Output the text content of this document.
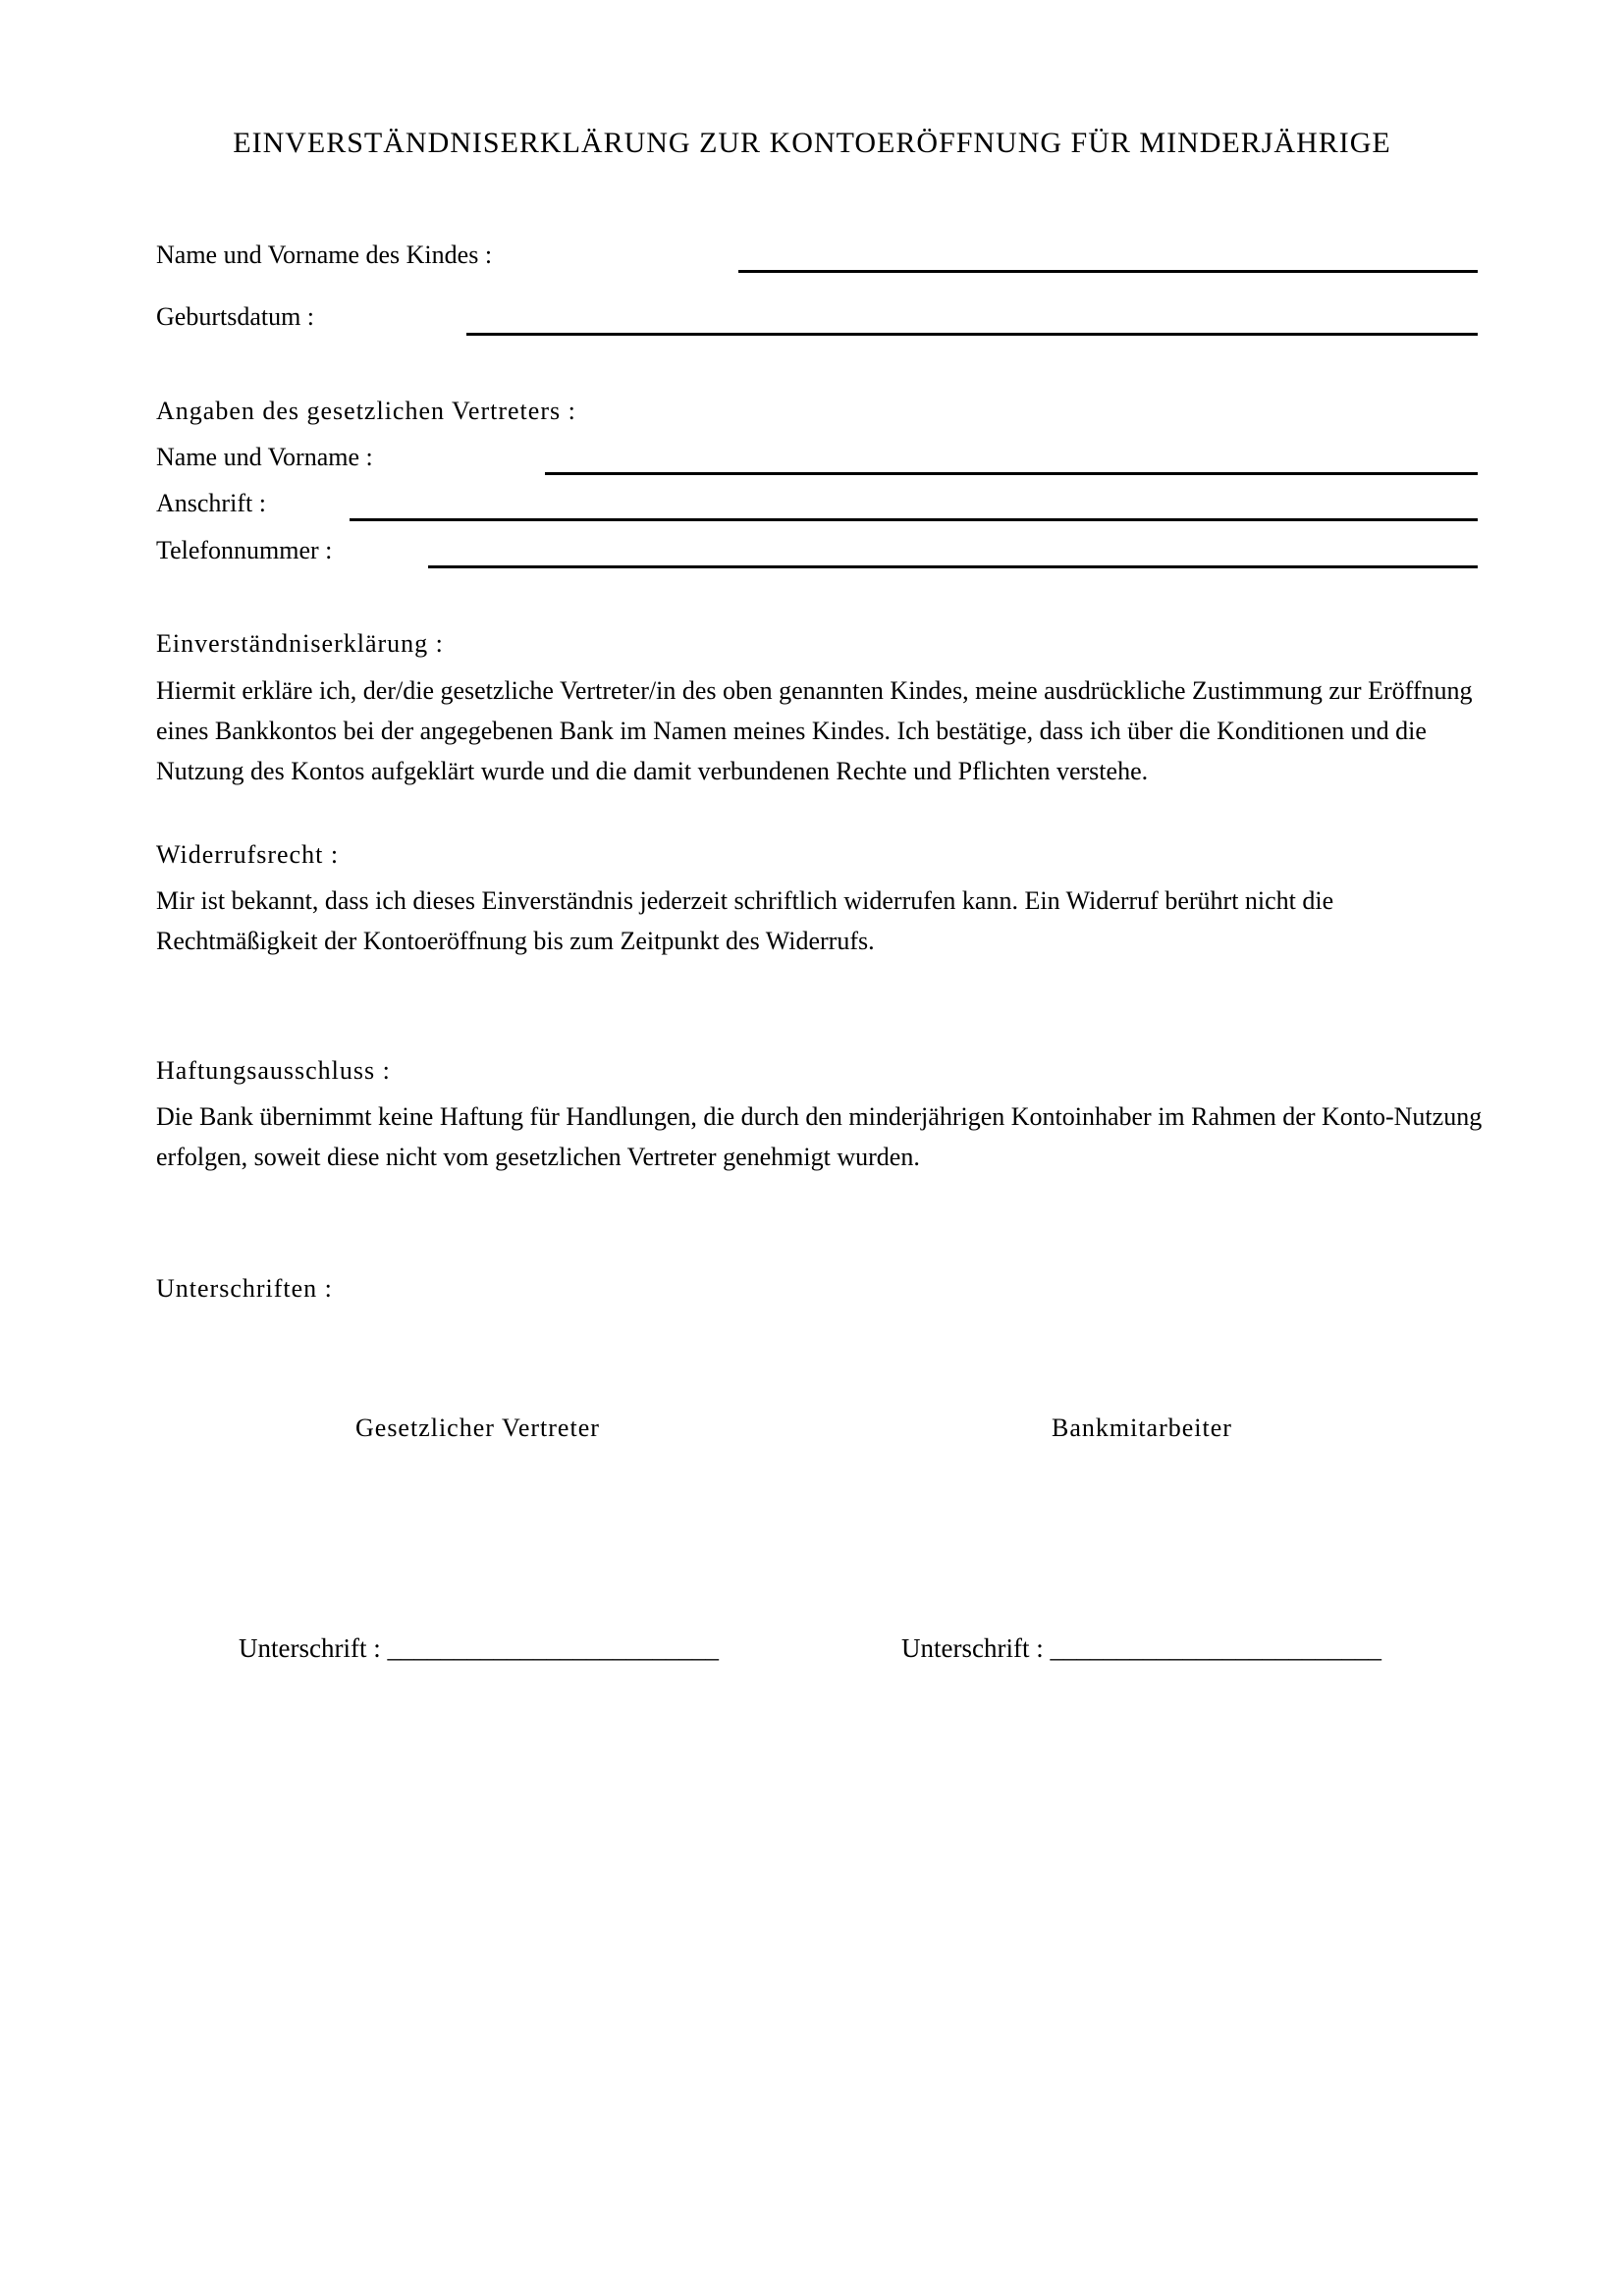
EINVERSTÄNDNISERKLÄRUNG ZUR KONTOERÖFFNUNG FÜR MINDERJÄHRIGE
Name und Vorname des Kindes :
Geburtsdatum :
Angaben des gesetzlichen Vertreters :
Name und Vorname :
Anschrift :
Telefonnummer :
Einverständniserklärung :
Hiermit erkläre ich, der/die gesetzliche Vertreter/in des oben genannten Kindes, meine ausdrückliche Zustimmung zur Eröffnung eines Bankkontos bei der angegebenen Bank im Namen meines Kindes. Ich bestätige, dass ich über die Konditionen und die Nutzung des Kontos aufgeklärt wurde und die damit verbundenen Rechte und Pflichten verstehe.
Widerrufsrecht :
Mir ist bekannt, dass ich dieses Einverständnis jederzeit schriftlich widerrufen kann. Ein Widerruf berührt nicht die Rechtmäßigkeit der Kontoeröffnung bis zum Zeitpunkt des Widerrufs.
Haftungsausschluss :
Die Bank übernimmt keine Haftung für Handlungen, die durch den minderjährigen Kontoinhaber im Rahmen der Konto-Nutzung erfolgen, soweit diese nicht vom gesetzlichen Vertreter genehmigt wurden.
Unterschriften :
Gesetzlicher Vertreter	Bankmitarbeiter
Unterschrift : _________________________	Unterschrift : _________________________
